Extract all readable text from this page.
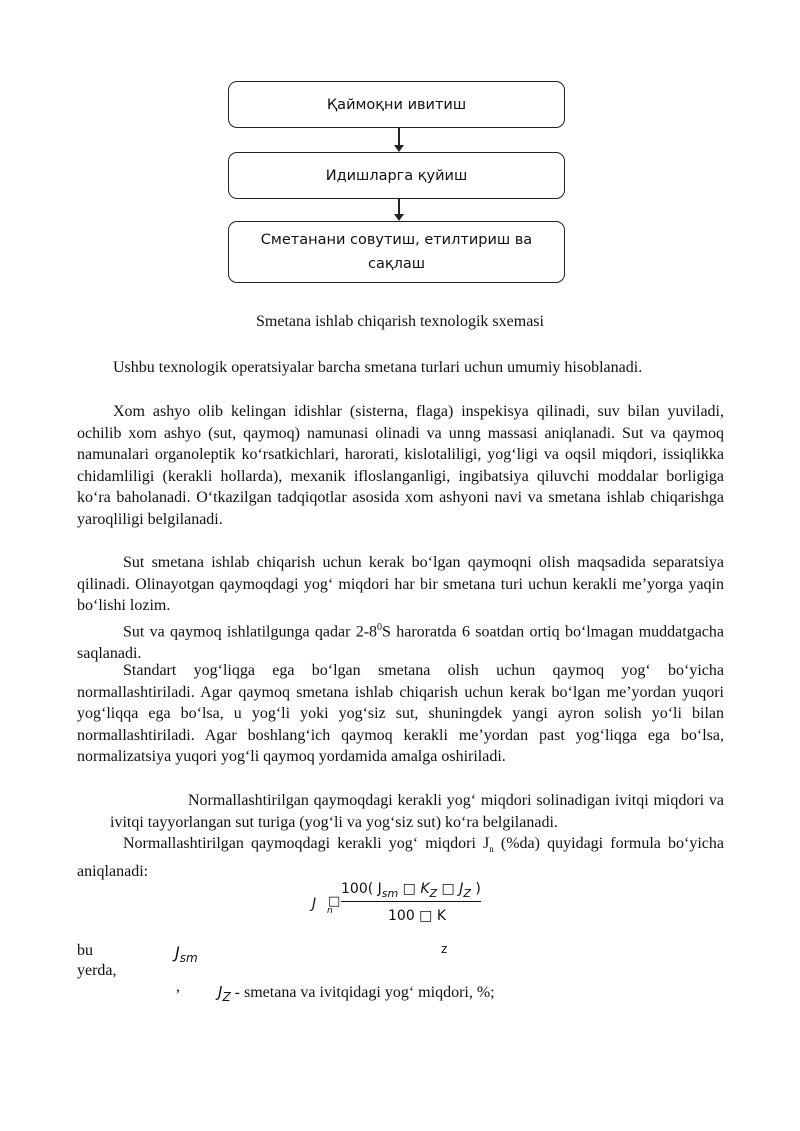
Қаймоқни ивитиш
Идишларга қуйиш
Сметанани совутиш, етилтириш ва сақлаш
Smetana ishlab chiqarish texnologik sxemasi

Ushbu texnologik operatsiyalar barcha smetana turlari uchun umumiy hisoblanadi.

Xom ashyo olib kelingan idishlar (sisterna, flaga) inspekisya qilinadi, suv bilan yuviladi, ochilib xom ashyo (sut, qaymoq) namunasi olinadi va unng massasi aniqlanadi. Sut va qaymoq namunalari organoleptik koʻrsatkichlari, harorati, kislotaliligi, yogʻligi va oqsil miqdori, issiqlikka chidamliligi (kerakli hollarda), mexanik ifloslanganligi, ingibatsiya qiluvchi moddalar borligiga koʻra baholanadi. Oʻtkazilgan tadqiqotlar asosida xom ashyoni navi va smetana ishlab chiqarishga yaroqliligi belgilanadi.

Sut smetana ishlab chiqarish uchun kerak boʻlgan qaymoqni olish maqsadida separatsiya qilinadi. Olinayotgan qaymoqdagi yogʻ miqdori har bir smetana turi uchun kerakli me’yorga yaqin boʻlishi lozim.

Sut va qaymoq ishlatilgunga qadar $2-8^0S$ haroratda 6 soatdan ortiq boʻlmagan muddatgacha saqlanadi.

Standart yogʻliqga ega boʻlgan smetana olish uchun qaymoq yogʻ boʻyicha normallashtiriladi. Agar qaymoq smetana ishlab chiqarish uchun kerak boʻlgan me’yordan yuqori yogʻliqqa ega boʻlsa, u yogʻli yoki yogʻsiz sut, shuningdek yangi ayron solish yoʻli bilan normallashtiriladi. Agar boshlangʻich qaymoq kerakli me’yordan past yogʻliqga ega boʻlsa, normalizatsiya yuqori yogʻli qaymoq yordamida amalga oshiriladi.

Normallashtirilgan qaymoqdagi kerakli yogʻ miqdori solinadigan ivitqi miqdori va ivitqi tayyorlangan sut turiga (yogʻli va yogʻsiz sut) koʻra belgilanadi.

Normallashtirilgan qaymoqdagi kerakli yogʻ miqdori $J_n$ (%da) quyidagi formula boʻyicha aniqlanadi:

J n
□
100( $J_{sm}$ □ $K_Z$ □ $J_Z$ )
100 □ K
bu
yerda,
$J_{sm}$
z
,	$J_Z$ - smetana va ivitqidagi yogʻ miqdori, %;
